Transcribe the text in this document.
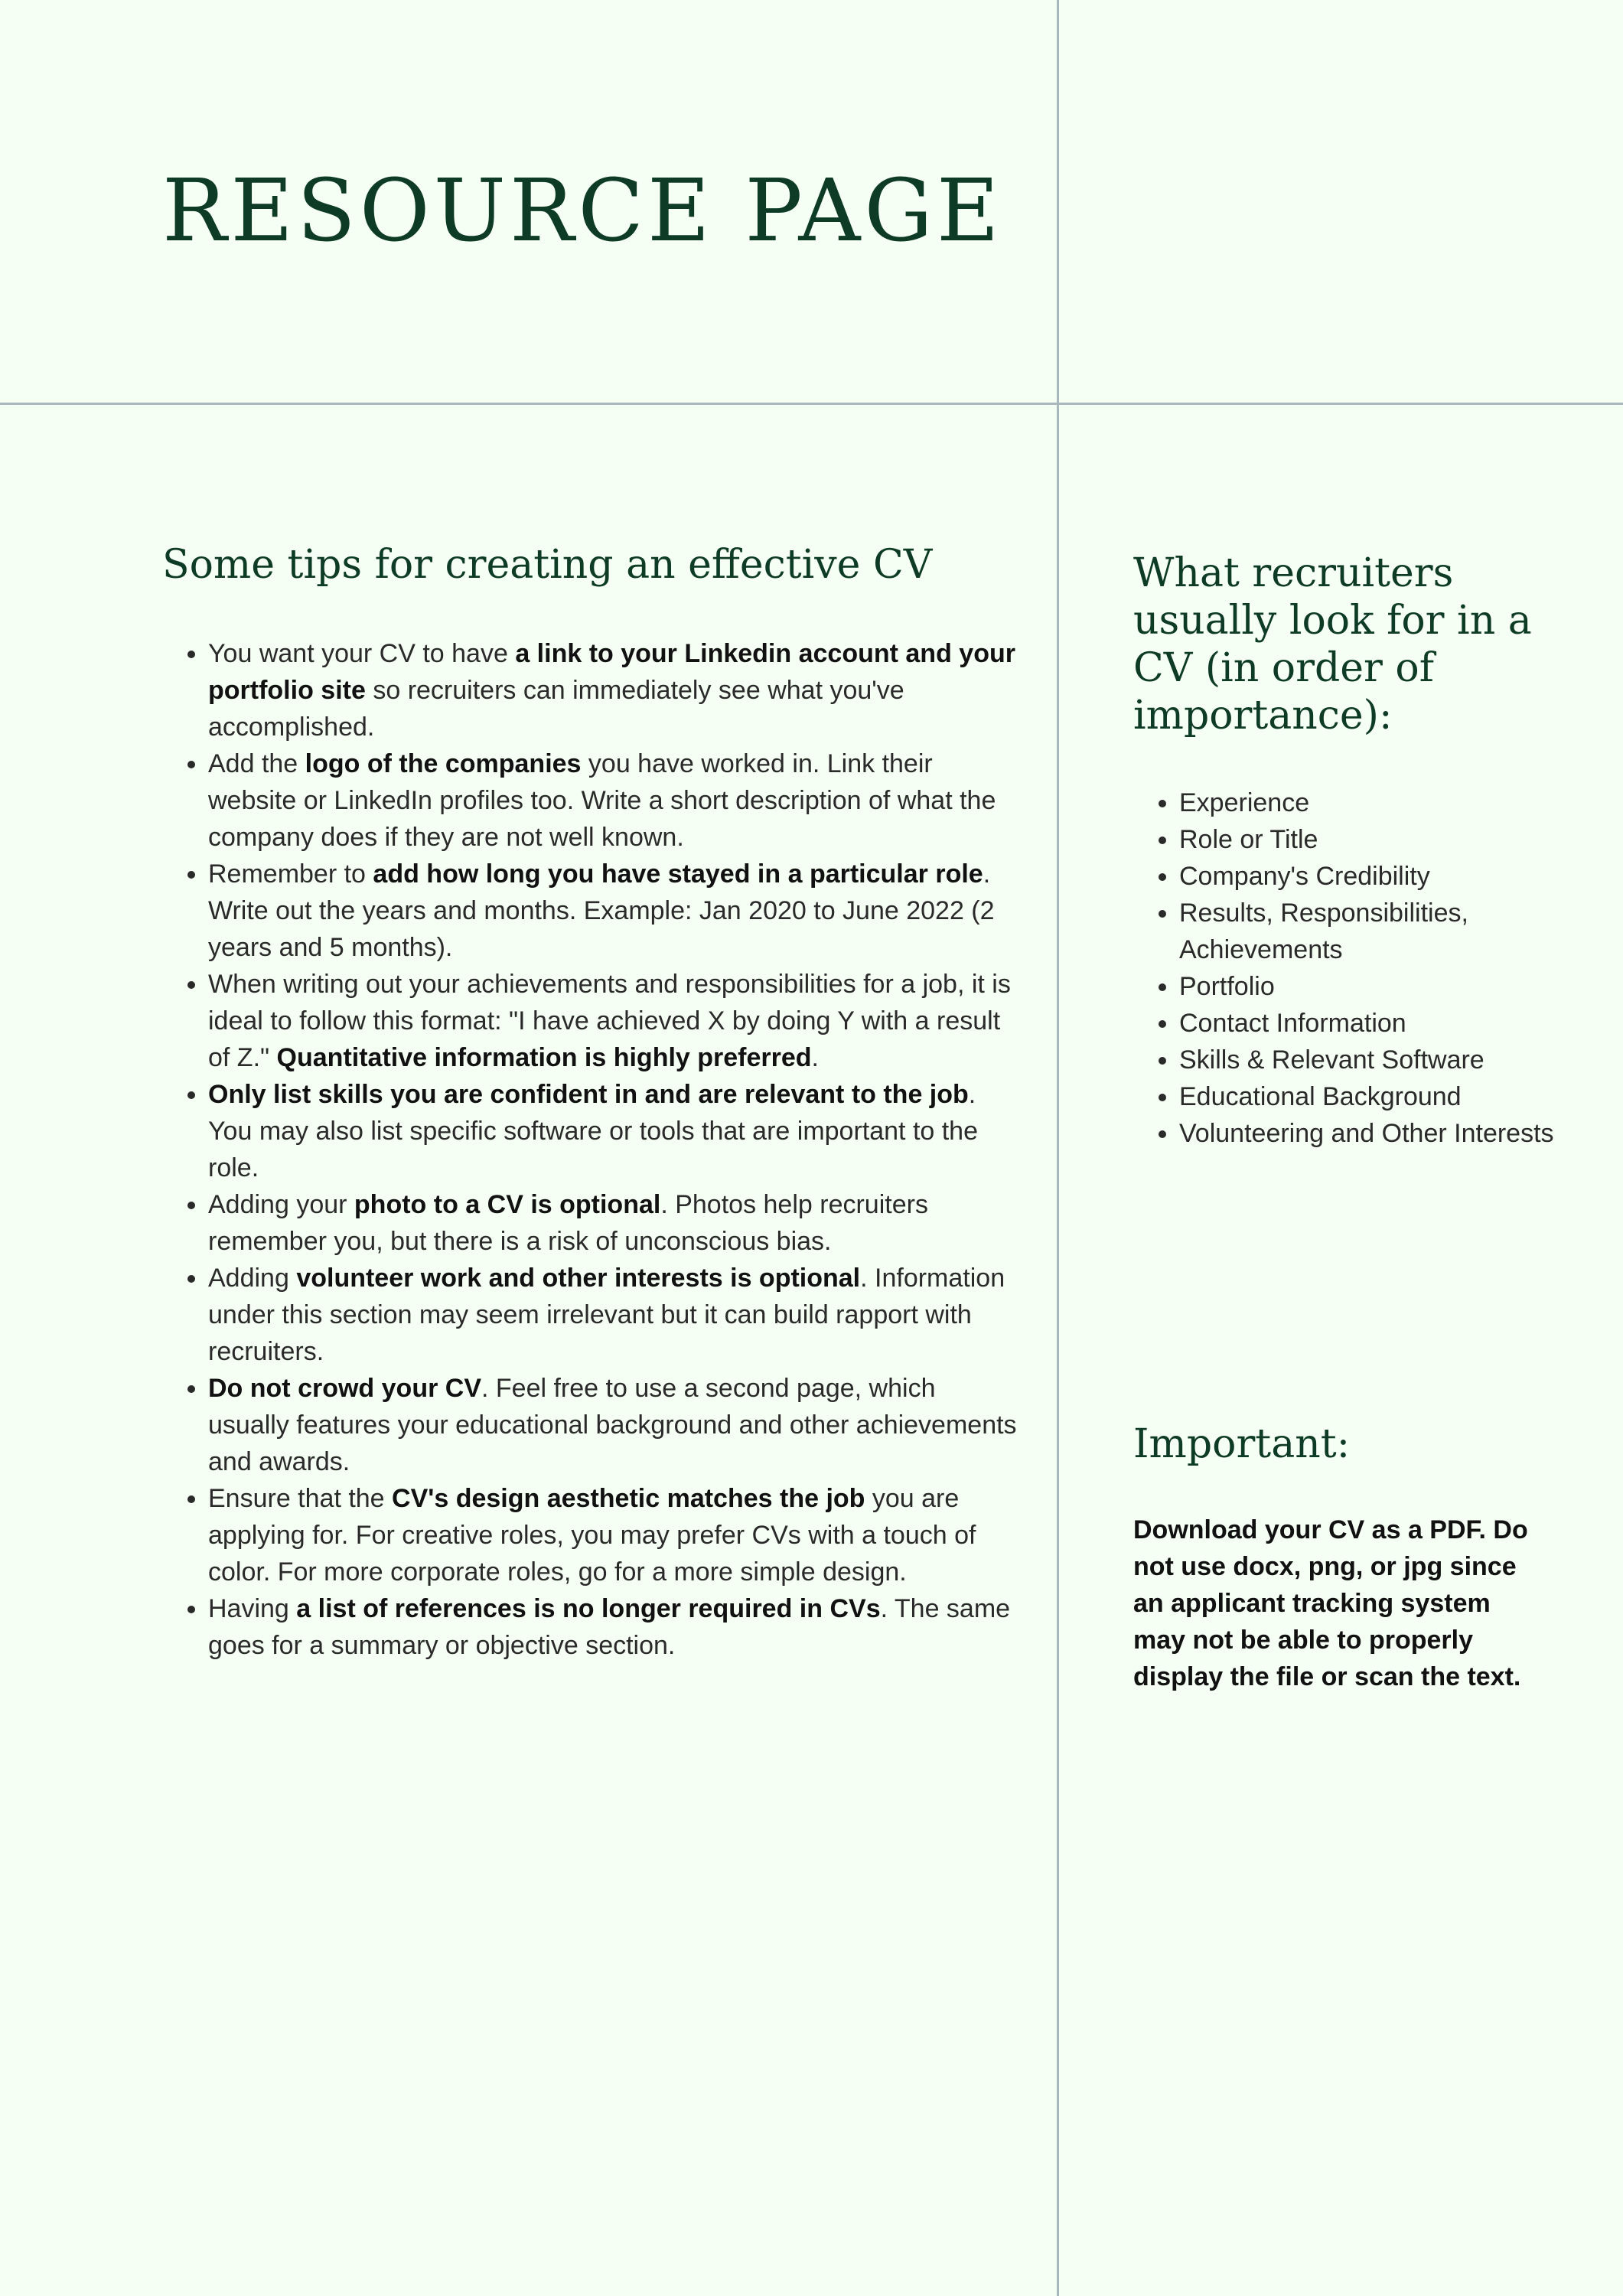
RESOURCE PAGE
Some tips for creating an effective CV
• You want your CV to have a link to your Linkedin account and your portfolio site so recruiters can immediately see what you've accomplished.
• Add the logo of the companies you have worked in. Link their website or LinkedIn profiles too. Write a short description of what the company does if they are not well known.
• Remember to add how long you have stayed in a particular role. Write out the years and months. Example: Jan 2020 to June 2022 (2 years and 5 months).
• When writing out your achievements and responsibilities for a job, it is ideal to follow this format: "I have achieved X by doing Y with a result of Z." Quantitative information is highly preferred.
• Only list skills you are confident in and are relevant to the job. You may also list specific software or tools that are important to the role.
• Adding your photo to a CV is optional. Photos help recruiters remember you, but there is a risk of unconscious bias.
• Adding volunteer work and other interests is optional. Information under this section may seem irrelevant but it can build rapport with recruiters.
• Do not crowd your CV. Feel free to use a second page, which usually features your educational background and other achievements and awards.
• Ensure that the CV's design aesthetic matches the job you are applying for. For creative roles, you may prefer CVs with a touch of color. For more corporate roles, go for a more simple design.
• Having a list of references is no longer required in CVs. The same goes for a summary or objective section.
What recruiters usually look for in a CV (in order of importance):
• Experience
• Role or Title
• Company's Credibility
• Results, Responsibilities, Achievements
• Portfolio
• Contact Information
• Skills & Relevant Software
• Educational Background
• Volunteering and Other Interests
Important:

Download your CV as a PDF. Do not use docx, png, or jpg since an applicant tracking system may not be able to properly display the file or scan the text.
